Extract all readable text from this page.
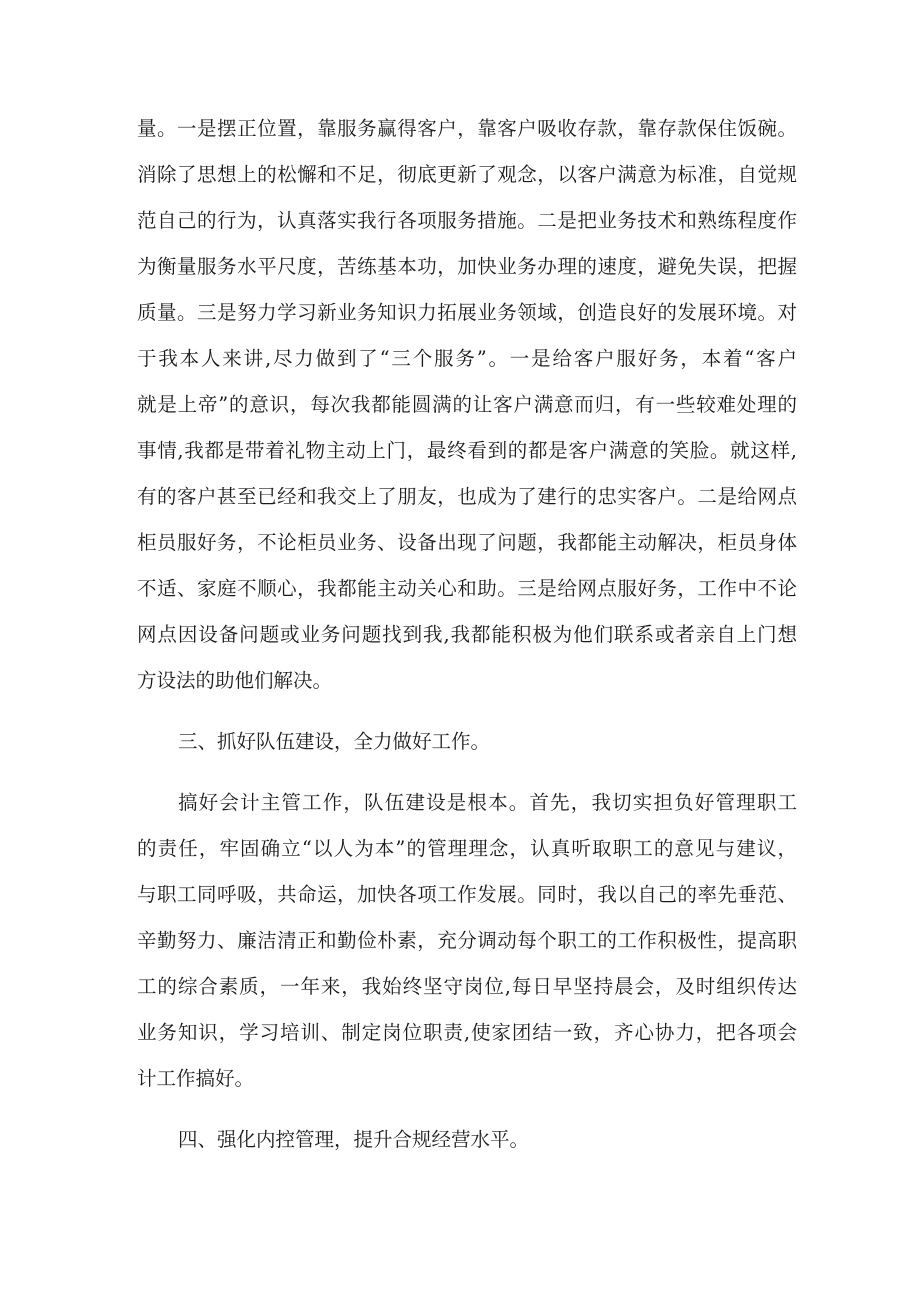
量。一是摆正位置，靠服务赢得客户，靠客户吸收存款，靠存款保住饭碗。
消除了思想上的松懈和不足，彻底更新了观念，以客户满意为标准，自觉规
范自己的行为，认真落实我行各项服务措施。二是把业务技术和熟练程度作
为衡量服务水平尺度，苦练基本功，加快业务办理的速度，避免失误，把握
质量。三是努力学习新业务知识力拓展业务领域，创造良好的发展环境。对
于我本人来讲,尽力做到了“三个服务”。一是给客户服好务，本着“客户
就是上帝”的意识，每次我都能圆满的让客户满意而归，有一些较难处理的
事情,我都是带着礼物主动上门，最终看到的都是客户满意的笑脸。就这样,
有的客户甚至已经和我交上了朋友，也成为了建行的忠实客户。二是给网点
柜员服好务，不论柜员业务、设备出现了问题，我都能主动解决，柜员身体
不适、家庭不顺心，我都能主动关心和助。三是给网点服好务，工作中不论
网点因设备问题或业务问题找到我,我都能积极为他们联系或者亲自上门想
方设法的助他们解决。
三、抓好队伍建设，全力做好工作。
搞好会计主管工作，队伍建设是根本。首先，我切实担负好管理职工
的责任，牢固确立“以人为本”的管理理念，认真听取职工的意见与建议，
与职工同呼吸，共命运，加快各项工作发展。同时，我以自己的率先垂范、
辛勤努力、廉洁清正和勤俭朴素，充分调动每个职工的工作积极性，提高职
工的综合素质，一年来，我始终坚守岗位,每日早坚持晨会，及时组织传达
业务知识，学习培训、制定岗位职责,使家团结一致，齐心协力，把各项会
计工作搞好。
四、强化内控管理，提升合规经营水平。
